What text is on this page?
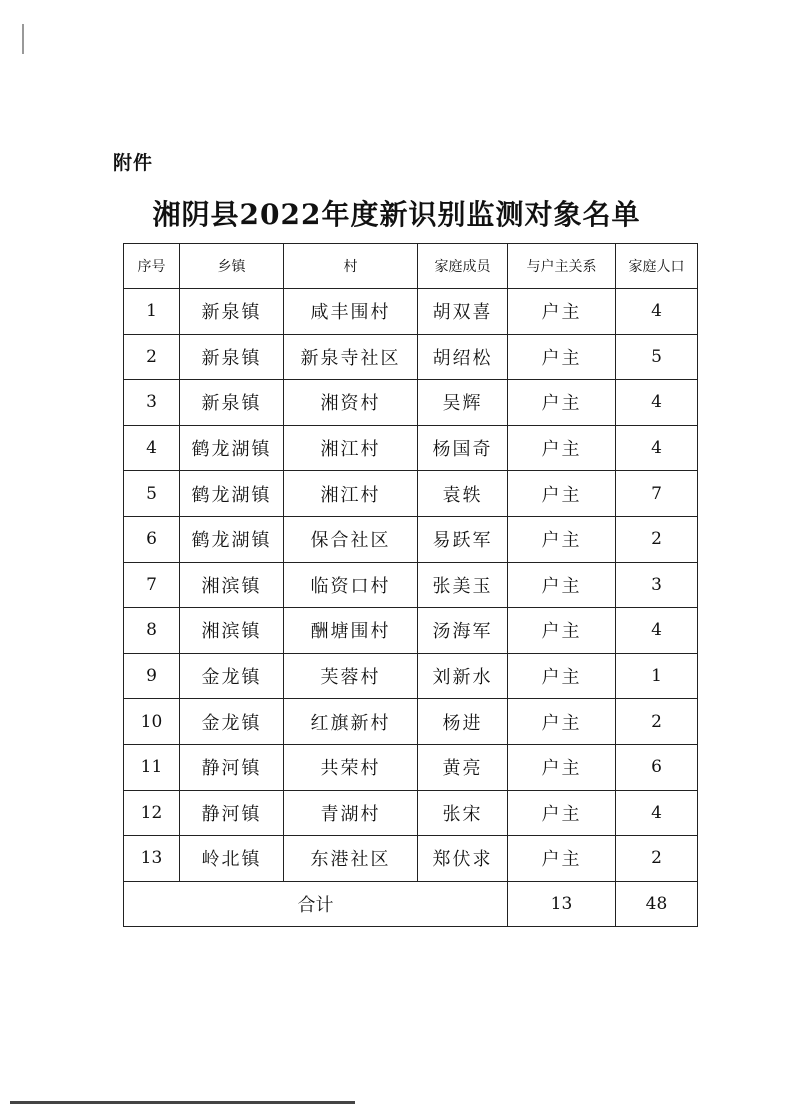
附件
湘阴县2022年度新识别监测对象名单
序号	乡镇	村	家庭成员	与户主关系	家庭人口
1	新泉镇	咸丰围村	胡双喜	户主	4
2	新泉镇	新泉寺社区	胡绍松	户主	5
3	新泉镇	湘资村	吴辉	户主	4
4	鹤龙湖镇	湘江村	杨国奇	户主	4
5	鹤龙湖镇	湘江村	袁轶	户主	7
6	鹤龙湖镇	保合社区	易跃军	户主	2
7	湘滨镇	临资口村	张美玉	户主	3
8	湘滨镇	酬塘围村	汤海军	户主	4
9	金龙镇	芙蓉村	刘新水	户主	1
10	金龙镇	红旗新村	杨进	户主	2
11	静河镇	共荣村	黄亮	户主	6
12	静河镇	青湖村	张宋	户主	4
13	岭北镇	东港社区	郑伏求	户主	2
合计				13	48
